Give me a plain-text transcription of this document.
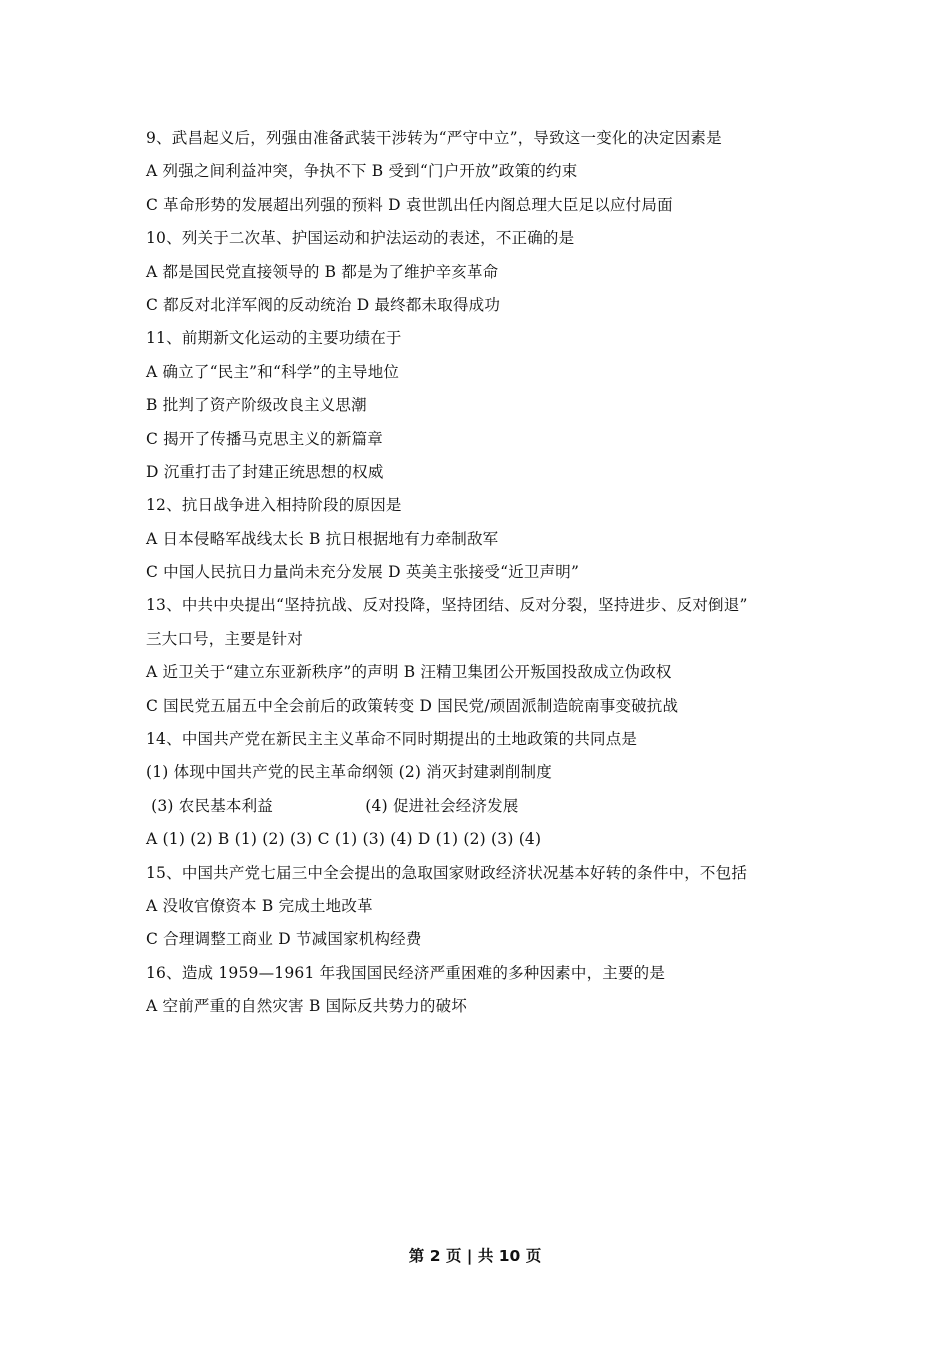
9、武昌起义后，列强由准备武装干涉转为“严守中立”，导致这一变化的决定因素是
A 列强之间利益冲突，争执不下 B 受到“门户开放”政策的约束
C 革命形势的发展超出列强的预料 D 袁世凯出任内阁总理大臣足以应付局面
10、列关于二次革、护国运动和护法运动的表述，不正确的是
A 都是国民党直接领导的 B 都是为了维护辛亥革命
C 都反对北洋军阀的反动统治 D 最终都未取得成功
11、前期新文化运动的主要功绩在于
A 确立了“民主”和“科学”的主导地位
B 批判了资产阶级改良主义思潮
C 揭开了传播马克思主义的新篇章
D 沉重打击了封建正统思想的权威
12、抗日战争进入相持阶段的原因是
A 日本侵略军战线太长 B 抗日根据地有力牵制敌军
C 中国人民抗日力量尚未充分发展 D 英美主张接受“近卫声明”
13、中共中央提出“坚持抗战、反对投降，坚持团结、反对分裂，坚持进步、反对倒退”
三大口号，主要是针对
A 近卫关于“建立东亚新秩序”的声明 B 汪精卫集团公开叛国投敌成立伪政权
C 国民党五届五中全会前后的政策转变 D 国民党/顽固派制造皖南事变破抗战
14、中国共产党在新民主主义革命不同时期提出的土地政策的共同点是
(1) 体现中国共产党的民主革命纲领 (2) 消灭封建剥削制度
(3) 农民基本利益                  (4) 促进社会经济发展
A (1) (2) B (1) (2) (3) C (1) (3) (4) D (1) (2) (3) (4)
15、中国共产党七届三中全会提出的急取国家财政经济状况基本好转的条件中，不包括
A 没收官僚资本 B 完成土地改革
C 合理调整工商业 D 节减国家机构经费
16、造成 1959—1961 年我国国民经济严重困难的多种因素中，主要的是
A 空前严重的自然灾害 B 国际反共势力的破坏
第 2 页 | 共 10 页
